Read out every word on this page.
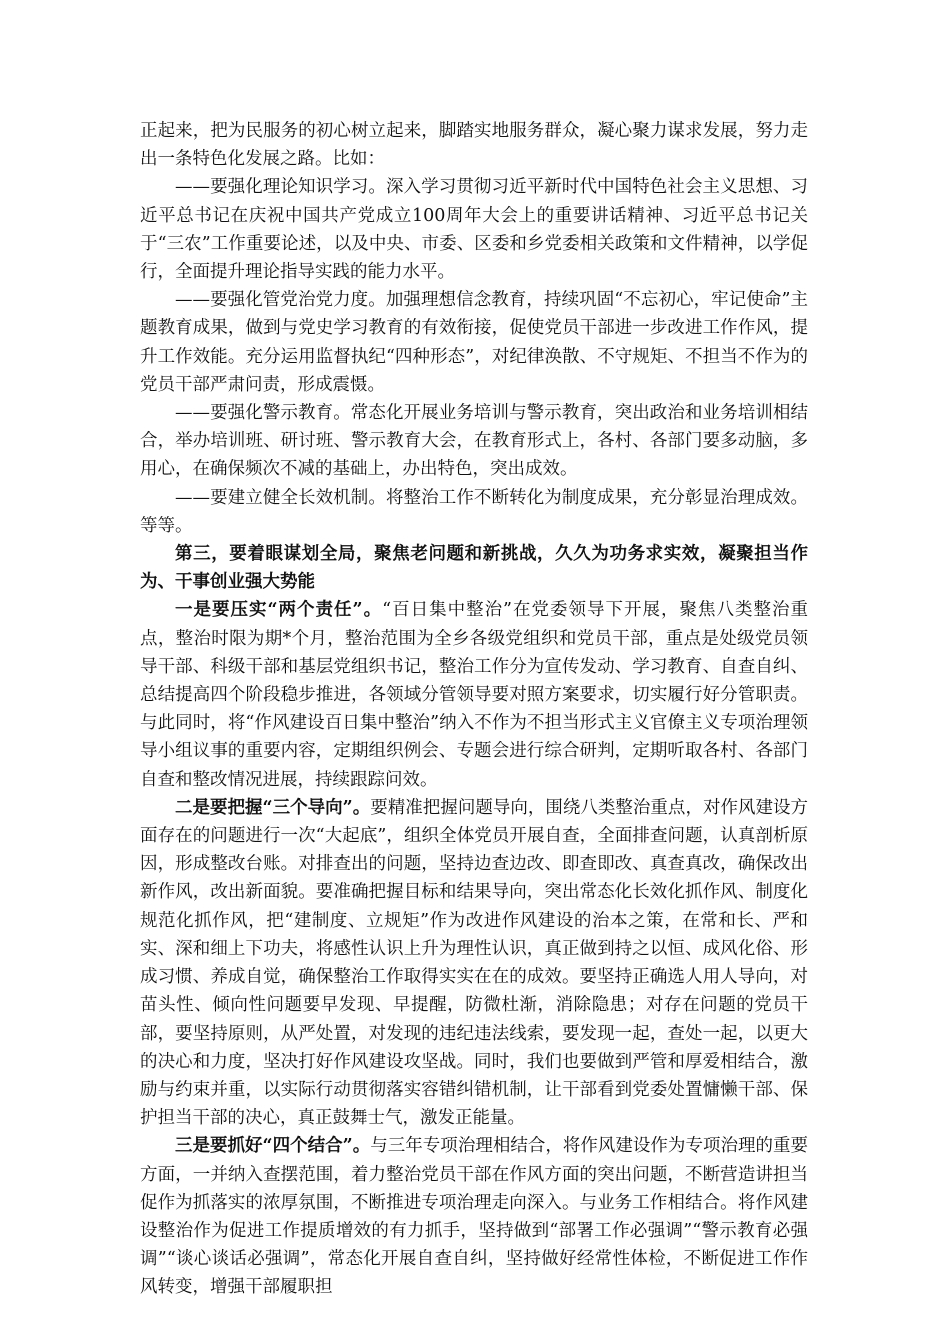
正起来，把为民服务的初心树立起来，脚踏实地服务群众，凝心聚力谋求发展，努力走出一条特色化发展之路。比如：

——要强化理论知识学习。深入学习贯彻习近平新时代中国特色社会主义思想、习近平总书记在庆祝中国共产党成立100周年大会上的重要讲话精神、习近平总书记关于“三农”工作重要论述，以及中央、市委、区委和乡党委相关政策和文件精神，以学促行，全面提升理论指导实践的能力水平。

——要强化管党治党力度。加强理想信念教育，持续巩固“不忘初心，牢记使命”主题教育成果，做到与党史学习教育的有效衔接，促使党员干部进一步改进工作作风，提升工作效能。充分运用监督执纪“四种形态”，对纪律涣散、不守规矩、不担当不作为的党员干部严肃问责，形成震慑。

——要强化警示教育。常态化开展业务培训与警示教育，突出政治和业务培训相结合，举办培训班、研讨班、警示教育大会，在教育形式上，各村、各部门要多动脑，多用心，在确保频次不减的基础上，办出特色，突出成效。

——要建立健全长效机制。将整治工作不断转化为制度成果，充分彰显治理成效。等等。

第三，要着眼谋划全局，聚焦老问题和新挑战，久久为功务求实效，凝聚担当作为、干事创业强大势能

一是要压实“两个责任”。“百日集中整治”在党委领导下开展，聚焦八类整治重点，整治时限为期*个月，整治范围为全乡各级党组织和党员干部，重点是处级党员领导干部、科级干部和基层党组织书记，整治工作分为宣传发动、学习教育、自查自纠、总结提高四个阶段稳步推进，各领域分管领导要对照方案要求，切实履行好分管职责。与此同时，将“作风建设百日集中整治”纳入不作为不担当形式主义官僚主义专项治理领导小组议事的重要内容，定期组织例会、专题会进行综合研判，定期听取各村、各部门自查和整改情况进展，持续跟踪问效。

二是要把握“三个导向”。要精准把握问题导向，围绕八类整治重点，对作风建设方面存在的问题进行一次“大起底”，组织全体党员开展自查，全面排查问题，认真剖析原因，形成整改台账。对排查出的问题，坚持边查边改、即查即改、真查真改，确保改出新作风，改出新面貌。要准确把握目标和结果导向，突出常态化长效化抓作风、制度化规范化抓作风，把“建制度、立规矩”作为改进作风建设的治本之策，在常和长、严和实、深和细上下功夫，将感性认识上升为理性认识，真正做到持之以恒、成风化俗、形成习惯、养成自觉，确保整治工作取得实实在在的成效。要坚持正确选人用人导向，对苗头性、倾向性问题要早发现、早提醒，防微杜渐，消除隐患；对存在问题的党员干部，要坚持原则，从严处置，对发现的违纪违法线索，要发现一起，查处一起，以更大的决心和力度，坚决打好作风建设攻坚战。同时，我们也要做到严管和厚爱相结合，激励与约束并重，以实际行动贯彻落实容错纠错机制，让干部看到党委处置慵懒干部、保护担当干部的决心，真正鼓舞士气，激发正能量。

三是要抓好“四个结合”。与三年专项治理相结合，将作风建设作为专项治理的重要方面，一并纳入查摆范围，着力整治党员干部在作风方面的突出问题，不断营造讲担当促作为抓落实的浓厚氛围，不断推进专项治理走向深入。与业务工作相结合。将作风建设整治作为促进工作提质增效的有力抓手，坚持做到“部署工作必强调”“警示教育必强调”“谈心谈话必强调”，常态化开展自查自纠，坚持做好经常性体检，不断促进工作作风转变，增强干部履职担
